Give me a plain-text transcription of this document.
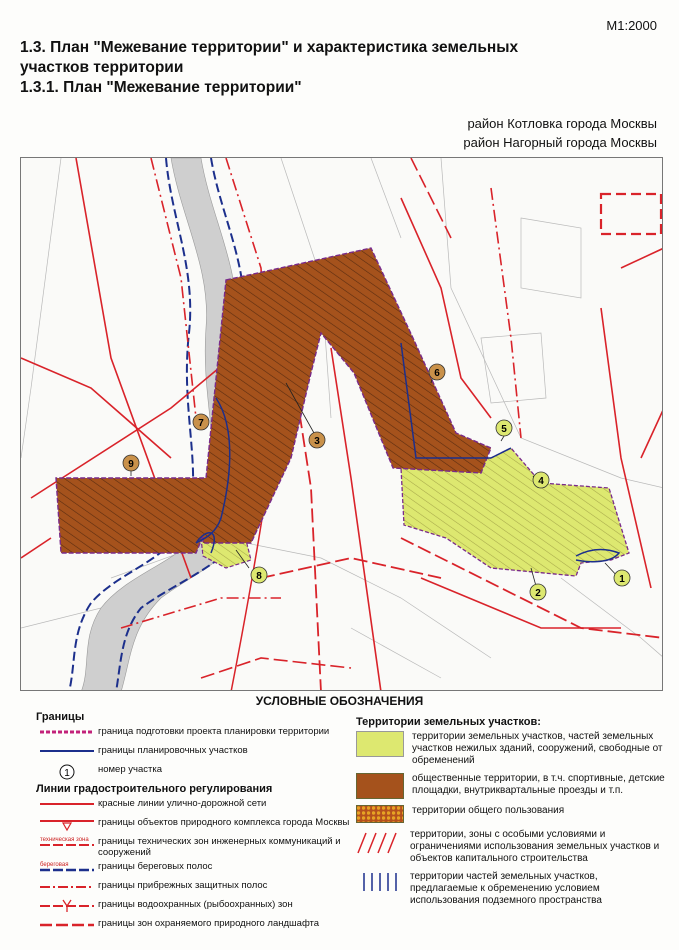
М1:2000
1.3. План "Межевание территории" и характеристика земельных
участков территории
1.3.1. План "Межевание территории"
район Котловка города Москвы
район Нагорный города Москвы
1
2
3
4
5
6
7
8
9
УСЛОВНЫЕ ОБОЗНАЧЕНИЯ
Границы
граница подготовки проекта планировки территории
границы планировочных участков
1	номер участка
Линии градостроительного регулирования
красные линии улично-дорожной сети
границы объектов природного комплекса города Москвы
техническая зона границы технических зон инженерных коммуникаций и сооружений
береговая	границы береговых полос
границы прибрежных защитных полос
границы водоохранных (рыбоохранных) зон
границы зон охраняемого природного ландшафта
Территории земельных участков:
территории земельных участков, частей земельных участков нежилых зданий, сооружений, свободные от обременений
общественные территории, в т.ч. спортивные, детские площадки, внутриквартальные проезды и т.п.
территории общего пользования
территории, зоны с особыми условиями и ограничениями использования земельных участков и объектов капитального строительства
территории частей земельных участков, предлагаемые к обременению условием использования подземного пространства
